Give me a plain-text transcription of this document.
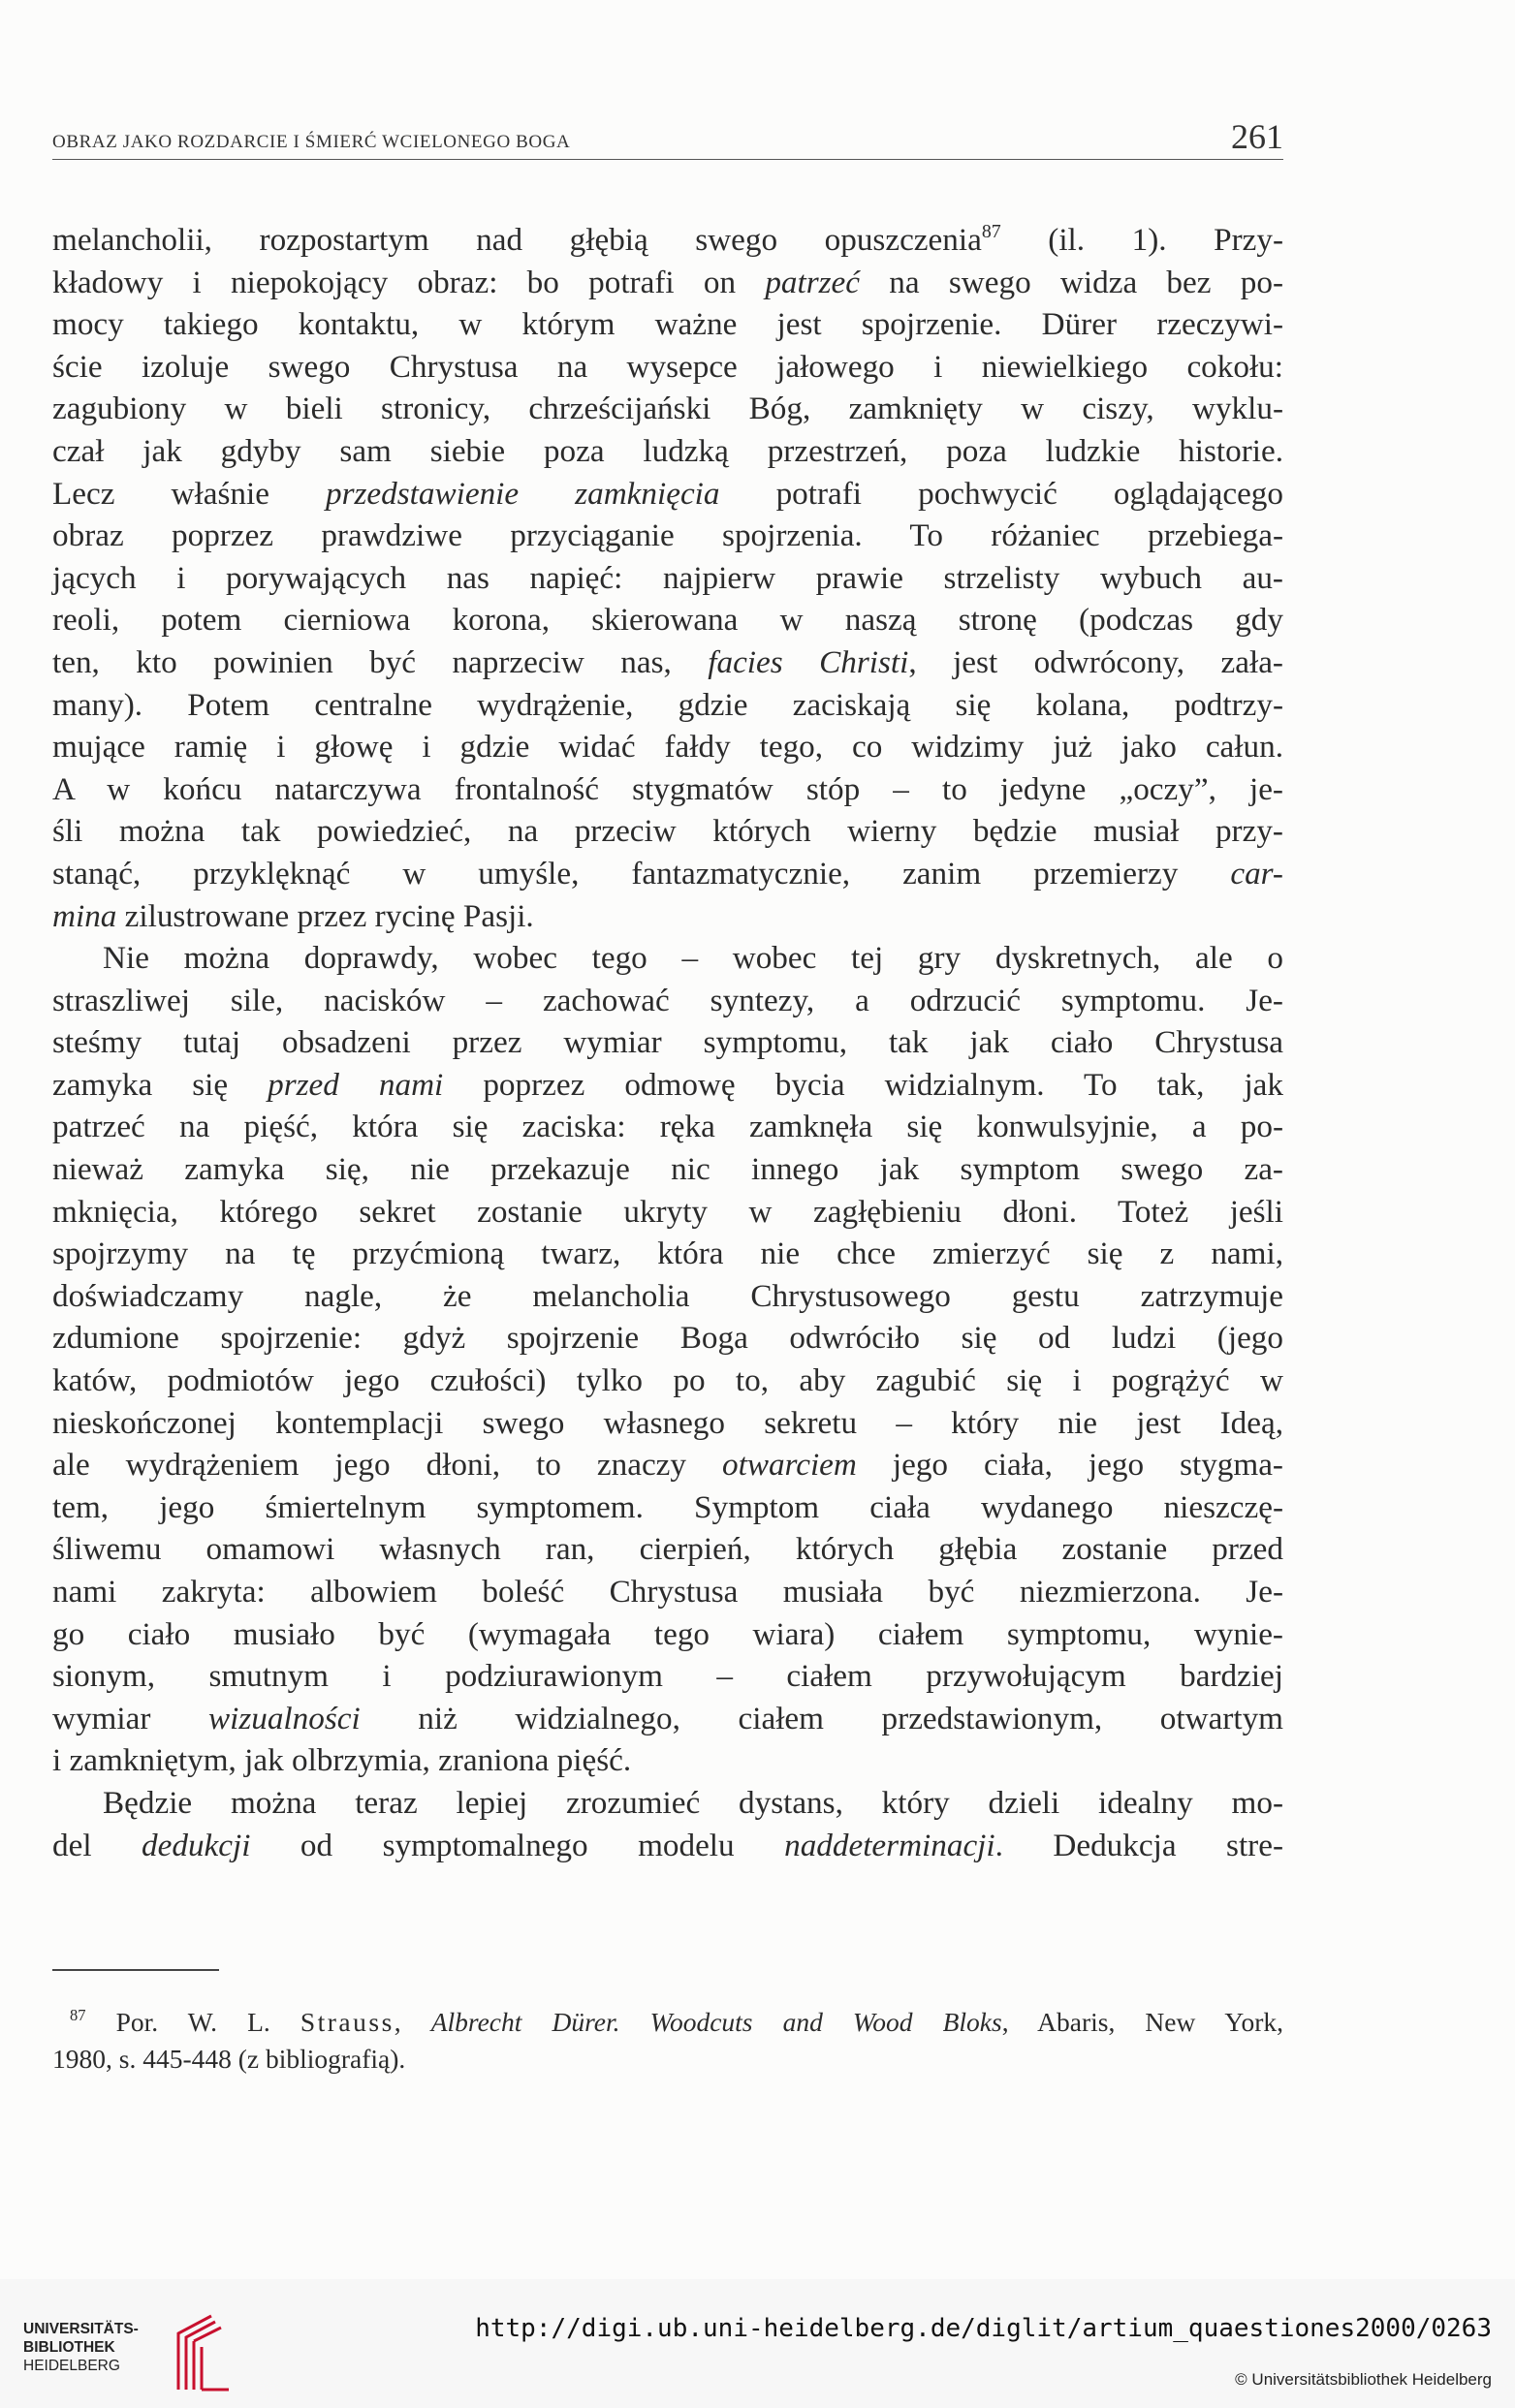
OBRAZ JAKO ROZDARCIE I ŚMIERĆ WCIELONEGO BOGA	261
melancholii, rozpostartym nad głębią swego opuszczenia$^{87}$ (il. 1). Przy-
kładowy i niepokojący obraz: bo potrafi on patrzeć na swego widza bez po-
mocy takiego kontaktu, w którym ważne jest spojrzenie. Dürer rzeczywi-
ście izoluje swego Chrystusa na wysepce jałowego i niewielkiego cokołu:
zagubiony w bieli stronicy, chrześcijański Bóg, zamknięty w ciszy, wyklu-
czał jak gdyby sam siebie poza ludzką przestrzeń, poza ludzkie historie.
Lecz właśnie przedstawienie zamknięcia potrafi pochwycić oglądającego
obraz poprzez prawdziwe przyciąganie spojrzenia. To różaniec przebiega-
jących i porywających nas napięć: najpierw prawie strzelisty wybuch au-
reoli, potem cierniowa korona, skierowana w naszą stronę (podczas gdy
ten, kto powinien być naprzeciw nas, facies Christi, jest odwrócony, zała-
many). Potem centralne wydrążenie, gdzie zaciskają się kolana, podtrzy-
mujące ramię i głowę i gdzie widać fałdy tego, co widzimy już jako całun.
A w końcu natarczywa frontalność stygmatów stóp – to jedyne „oczy”, je-
śli można tak powiedzieć, na przeciw których wierny będzie musiał przy-
stanąć, przyklęknąć w umyśle, fantazmatycznie, zanim przemierzy car-
mina zilustrowane przez rycinę Pasji.
Nie można doprawdy, wobec tego – wobec tej gry dyskretnych, ale o
straszliwej sile, nacisków – zachować syntezy, a odrzucić symptomu. Je-
steśmy tutaj obsadzeni przez wymiar symptomu, tak jak ciało Chrystusa
zamyka się przed nami poprzez odmowę bycia widzialnym. To tak, jak
patrzeć na pięść, która się zaciska: ręka zamknęła się konwulsyjnie, a po-
nieważ zamyka się, nie przekazuje nic innego jak symptom swego za-
mknięcia, którego sekret zostanie ukryty w zagłębieniu dłoni. Toteż jeśli
spojrzymy na tę przyćmioną twarz, która nie chce zmierzyć się z nami,
doświadczamy nagle, że melancholia Chrystusowego gestu zatrzymuje
zdumione spojrzenie: gdyż spojrzenie Boga odwróciło się od ludzi (jego
katów, podmiotów jego czułości) tylko po to, aby zagubić się i pogrążyć w
nieskończonej kontemplacji swego własnego sekretu – który nie jest Ideą,
ale wydrążeniem jego dłoni, to znaczy otwarciem jego ciała, jego stygma-
tem, jego śmiertelnym symptomem. Symptom ciała wydanego nieszczę-
śliwemu omamowi własnych ran, cierpień, których głębia zostanie przed
nami zakryta: albowiem boleść Chrystusa musiała być niezmierzona. Je-
go ciało musiało być (wymagała tego wiara) ciałem symptomu, wynie-
sionym, smutnym i podziurawionym – ciałem przywołującym bardziej
wymiar wizualności niż widzialnego, ciałem przedstawionym, otwartym
i zamkniętym, jak olbrzymia, zraniona pięść.
Będzie można teraz lepiej zrozumieć dystans, który dzieli idealny mo-
del dedukcji od symptomalnego modelu naddeterminacji. Dedukcja stre-
$^{87}$ Por. W. L. Strauss, Albrecht Dürer. Woodcuts and Wood Bloks, Abaris, New York,
1980, s. 445-448 (z bibliografią).
UNIVERSITÄTS-
BIBLIOTHEK
HEIDELBERG
http://digi.ub.uni-heidelberg.de/diglit/artium_quaestiones2000/0263
© Universitätsbibliothek Heidelberg
